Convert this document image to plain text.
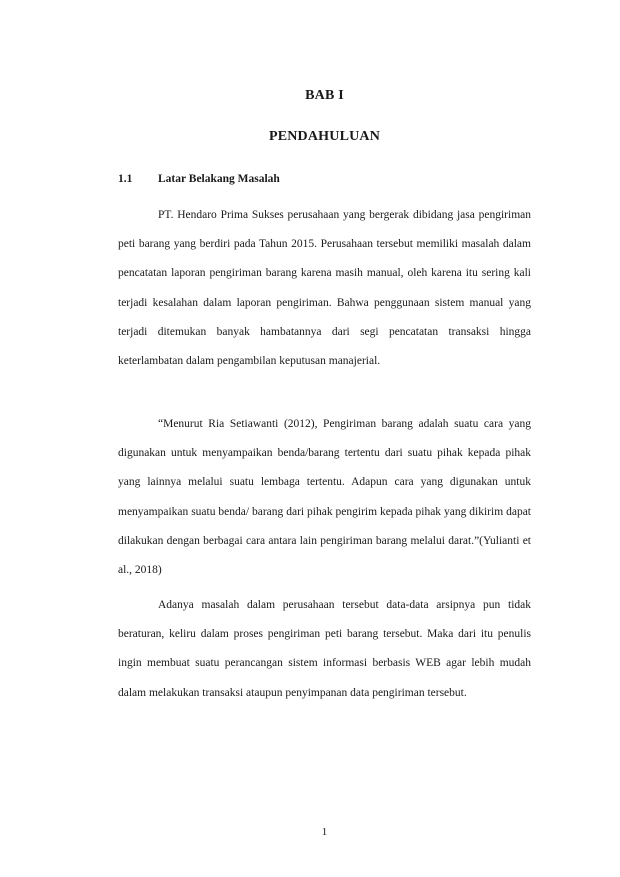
BAB I
PENDAHULUAN
1.1 Latar Belakang Masalah

PT. Hendaro Prima Sukses perusahaan yang bergerak dibidang jasa pengiriman peti barang yang berdiri pada Tahun 2015. Perusahaan tersebut memiliki masalah dalam pencatatan laporan pengiriman barang karena masih manual, oleh karena itu sering kali terjadi kesalahan dalam laporan pengiriman. Bahwa penggunaan sistem manual yang terjadi ditemukan banyak hambatannya dari segi pencatatan transaksi hingga keterlambatan dalam pengambilan keputusan manajerial.

“Menurut Ria Setiawanti (2012), Pengiriman barang adalah suatu cara yang digunakan untuk menyampaikan benda/barang tertentu dari suatu pihak kepada pihak yang lainnya melalui suatu lembaga tertentu. Adapun cara yang digunakan untuk menyampaikan suatu benda/ barang dari pihak pengirim kepada pihak yang dikirim dapat dilakukan dengan berbagai cara antara lain pengiriman barang melalui darat.”(Yulianti et al., 2018)

Adanya masalah dalam perusahaan tersebut data-data arsipnya pun tidak beraturan, keliru dalam proses pengiriman peti barang tersebut. Maka dari itu penulis ingin membuat suatu perancangan sistem informasi berbasis WEB agar lebih mudah dalam melakukan transaksi ataupun penyimpanan data pengiriman tersebut.

1
